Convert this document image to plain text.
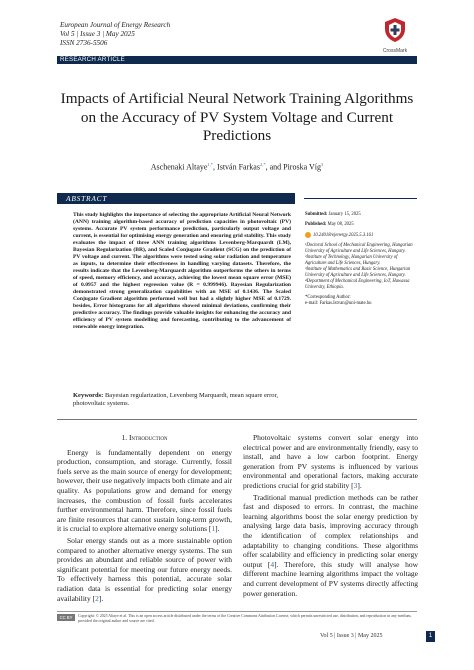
European Journal of Energy Research
Vol 5 | Issue 3 | May 2025
ISSN 2736-5506
CrossMark
RESEARCH ARTICLE
Impacts of Artificial Neural Network Training Algorithms on the Accuracy of PV System Voltage and Current Predictions
Aschenaki Altaye$^{1,*}$, István Farkas$^{2,*}$, and Piroska Víg$^3$
ABSTRACT
This study highlights the importance of selecting the appropriate Artificial Neural Network (ANN) training algorithm-based accuracy of prediction capacities in photovoltaic (PV) systems. Accurate PV system performance prediction, particularly output voltage and current, is essential for optimising energy generation and ensuring grid stability. This study evaluates the impact of three ANN training algorithms Levenberg-Marquardt (LM), Bayesian Regularization (BR), and Scaled Conjugate Gradient (SCG) on the prediction of PV voltage and current. The algorithms were tested using solar radiation and temperature as inputs, to determine their effectiveness in handling varying datasets. Therefore, the results indicate that the Levenberg-Marquardt algorithm outperforms the others in terms of speed, memory efficiency, and accuracy, achieving the lowest mean square error (MSE) of 0.0957 and the highest regression value (R = 0.999946). Bayesian Regularization demonstrated strong generalization capabilities with an MSE of 0.1436. The Scaled Conjugate Gradient algorithm performed well but had a slightly higher MSE of 0.1729. besides, Error histograms for all algorithms showed minimal deviations, confirming their predictive accuracy. The findings provide valuable insights for enhancing the accuracy and efficiency of PV system modelling and forecasting, contributing to the advancement of renewable energy integration.
Keywords: Bayesian regularization, Levenberg Marquardt, mean square error, photovoltaic systems.
Submitted: January 15, 2025
Published: May 08, 2025
10.24018/ejenergy.2025.5.3.161
¹Doctoral School of Mechanical Engineering, Hungarian University of Agriculture and Life Sciences, Hungary.
²Institute of Technology, Hungarian University of Agriculture and Life Sciences, Hungary.
³Institute of Mathematics and Basic Science, Hungarian University of Agriculture and Life Sciences, Hungary.
⁴Department of Mechanical Engineering, IoT, Hawassa University, Ethiopia.
*Corresponding Author:
e-mail: Farkas.Istvan@uni-mate.hu
1. Introduction

Energy is fundamentally dependent on energy production, consumption, and storage. Currently, fossil fuels serve as the main source of energy for development; however, their use negatively impacts both climate and air quality. As populations grow and demand for energy increases, the combustion of fossil fuels accelerates further environmental harm. Therefore, since fossil fuels are finite resources that cannot sustain long-term growth, it is crucial to explore alternative energy solutions [1].

Solar energy stands out as a more sustainable option compared to another alternative energy systems. The sun provides an abundant and reliable source of power with significant potential for meeting our future energy needs. To effectively harness this potential, accurate solar radiation data is essential for predicting solar energy availability [2].

Photovoltaic systems convert solar energy into electrical power and are environmentally friendly, easy to install, and have a low carbon footprint. Energy generation from PV systems is influenced by various environmental and operational factors, making accurate predictions crucial for grid stability [3].

Traditional manual prediction methods can be rather fast and disposed to errors. In contrast, the machine learning algorithms boost the solar energy prediction by analysing large data basis, improving accuracy through the identification of complex relationships and adaptability to changing conditions. These algorithms offer scalability and efficiency in predicting solar energy output [4]. Therefore, this study will analyse how different machine learning algorithms impact the voltage and current development of PV systems directly affecting power generation.

CC BY	Copyright: © 2025 Altaye et al. This is an open access article distributed under the terms of the Creative Commons Attribution License, which permits unrestricted use, distribution, and reproduction in any medium, provided the original author and source are cited.
Vol 5 | Issue 3 | May 2025	1
